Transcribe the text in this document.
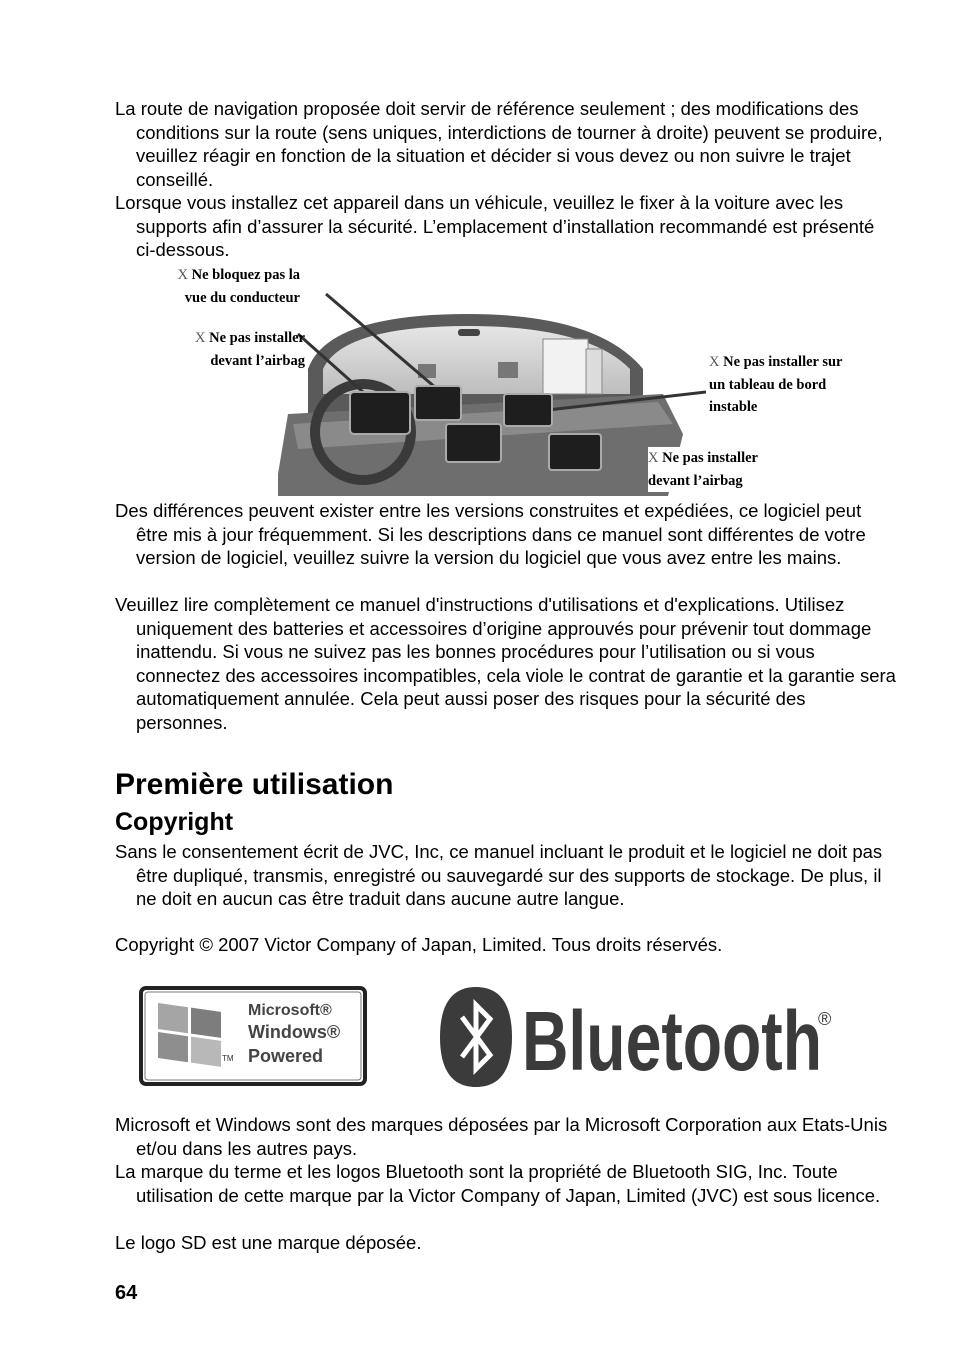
La route de navigation proposée doit servir de référence seulement ; des modifications des conditions sur la route (sens uniques, interdictions de tourner à droite) peuvent se produire, veuillez réagir en fonction de la situation et décider si vous devez ou non suivre le trajet conseillé.

Lorsque vous installez cet appareil dans un véhicule, veuillez le fixer à la voiture avec les supports afin d’assurer la sécurité. L’emplacement d’installation recommandé est présenté ci-dessous.

X Ne bloquez pas la
vue du conducteur
X Ne pas installer
devant l’airbag	X Ne pas installer sur
un tableau de bord
instable
X Ne pas installer
devant l’airbag

Des différences peuvent exister entre les versions construites et expédiées, ce logiciel peut être mis à jour fréquemment. Si les descriptions dans ce manuel sont différentes de votre version de logiciel, veuillez suivre la version du logiciel que vous avez entre les mains.

Veuillez lire complètement ce manuel d'instructions d'utilisations et d'explications. Utilisez uniquement des batteries et accessoires d’origine approuvés pour prévenir tout dommage inattendu. Si vous ne suivez pas les bonnes procédures pour l’utilisation ou si vous connectez des accessoires incompatibles, cela viole le contrat de garantie et la garantie sera automatiquement annulée. Cela peut aussi poser des risques pour la sécurité des personnes.

Première utilisation
Copyright

Sans le consentement écrit de JVC, Inc, ce manuel incluant le produit et le logiciel ne doit pas être dupliqué, transmis, enregistré ou sauvegardé sur des supports de stockage. De plus, il ne doit en aucun cas être traduit dans aucune autre langue.

Copyright © 2007 Victor Company of Japan, Limited. Tous droits réservés.

TM
Microsoft®
Windows®
Powered Bluetooth
®

Microsoft et Windows sont des marques déposées par la Microsoft Corporation aux Etats-Unis et/ou dans les autres pays.

La marque du terme et les logos Bluetooth sont la propriété de Bluetooth SIG, Inc. Toute utilisation de cette marque par la Victor Company of Japan, Limited (JVC) est sous licence.

Le logo SD est une marque déposée.

64
